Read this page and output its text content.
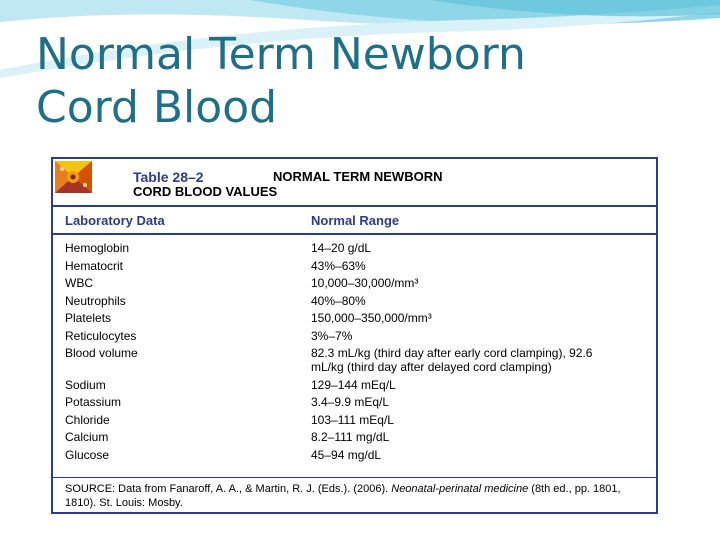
Normal Term Newborn
Cord Blood
Table 28–2	NORMAL TERM NEWBORN
CORD BLOOD VALUES
Laboratory Data	Normal Range
Hemoglobin	14–20 g/dL
Hematocrit	43%–63%
WBC	10,000–30,000/mm³
Neutrophils	40%–80%
Platelets	150,000–350,000/mm³
Reticulocytes	3%–7%
Blood volume	82.3 mL/kg (third day after early cord clamping), 92.6 mL/kg (third day after delayed cord clamping)
Sodium	129–144 mEq/L
Potassium	3.4–9.9 mEq/L
Chloride	103–111 mEq/L
Calcium	8.2–111 mg/dL
Glucose	45–94 mg/dL
SOURCE: Data from Fanaroff, A. A., & Martin, R. J. (Eds.). (2006). Neonatal-perinatal medicine (8th ed., pp. 1801, 1810). St. Louis: Mosby.
